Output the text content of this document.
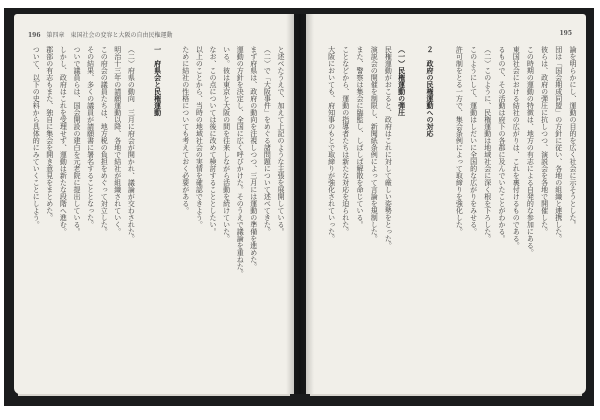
196 第四章　東国社会の変容と大阪の自由民権運動
と述べたうえで、加えて上記のような主張を展開している。
（二）で「大阪事件」をめぐる諸問題について述べてきた。
まず府県は、政府の動向を注視しつつ、三月には運動の準備を進めた。
運動の方針を決定し、全国に広く呼びかけた。そのうえで議論を重ねた。
いる。彼は東京と大阪の間を往来しながら活動を続けていた。
なお、この点については後に改めて検討することとしたい。
以上のことから、当時の地域社会の実情を確認できよう。
ために結社の性格についても考えておく必要がある。
一　府県会と民権運動
（二）府県の動向　三月に府会が開かれ、議論が交わされた。
明治十三年の請願運動以降、各地で結社が組織されていく。
この府会の議員たちは、地方税の負担をめぐって対立した。
その結果、多くの議員が請願書に署名することとなった。
ついで議員らは、国会開設の建白を元老院に提出している。
しかし、政府はこれを受理せず、運動は新たな段階へ進む。
郡部の有志もまた、独自に集会を開き意見をまとめた。
ついて、以下の史料から具体的にみていくことにしよう。
195
論を明らかにし、運動の目的を広く社会に示そうとした。
団は「国会期成同盟」の方針に従い、各地の組織と連携した。
彼らは、政府の弾圧に抗しつつ、演説会を各地で開催した。
この時期の運動の特徴は、地方の有志による自発的な参加にある。
東国社会における結社の広がりは、これを裏付けるものである。
るもので、その活動は府下の各郡に及んでいたことがわかる。
（二）このように、民権運動は地域社会に深く根を下ろした。
このようにして、運動はしだいに全国的な広がりをみせる。
許可制をとる一方で、集会条例によって取締りを強化した。
２　政府の民権運動への対応
（一）民権運動の弾圧
民権運動がおこると、政府はこれに対して厳しい姿勢をとった。
演説会の開催を制限し、新聞紙条例によって言論を規制した。
また、警察は集会に臨監し、しばしば解散を命じている。
ことなどから、運動の指導者たちは新たな対応を迫られた。
大阪においても、府知事のもとで取締りが強化されていった。
